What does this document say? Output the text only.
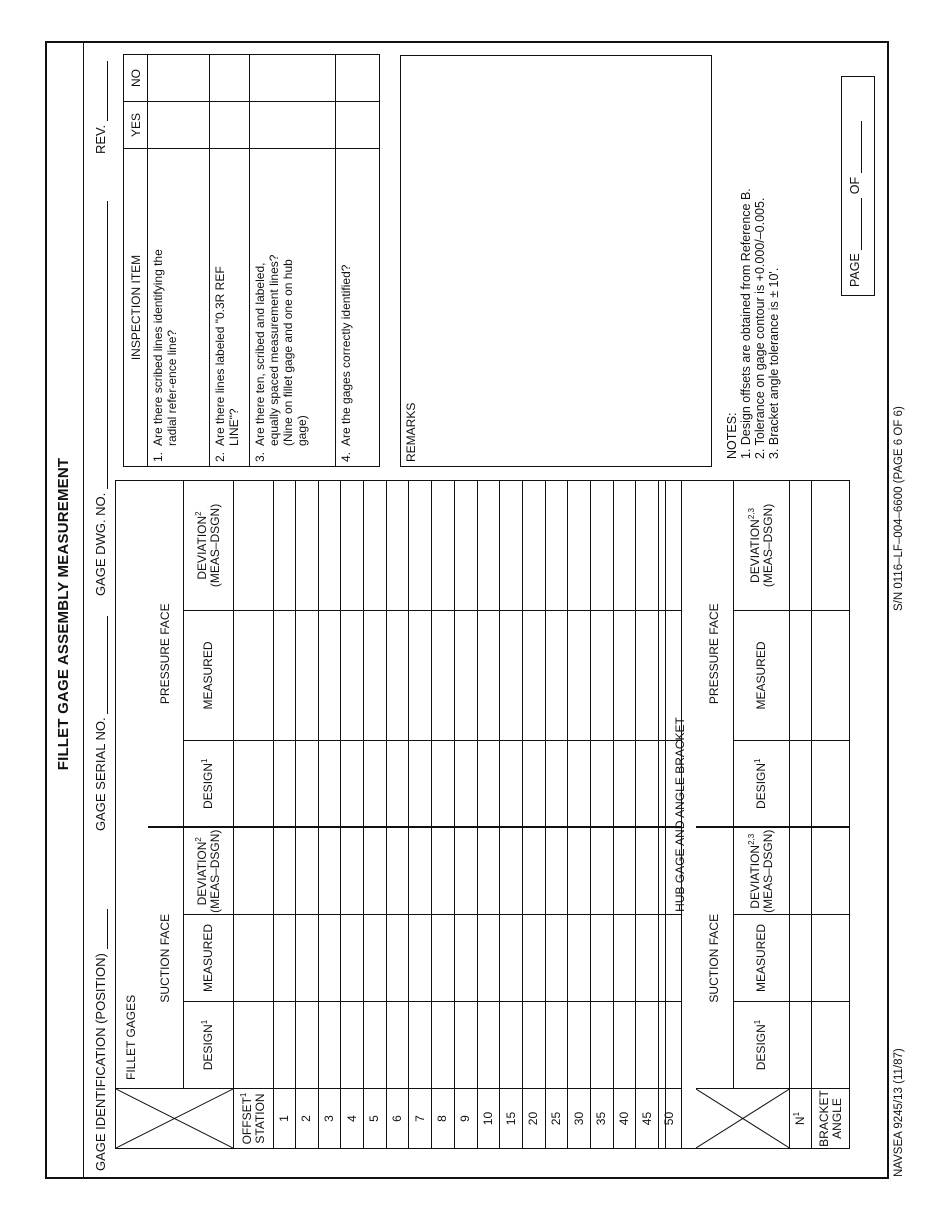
FILLET GAGE ASSEMBLY MEASUREMENT
GAGE IDENTIFICATION (POSITION)
GAGE SERIAL NO.
GAGE DWG. NO.
REV.
	FILLET GAGES					
	SUCTION FACE			PRESSURE FACE		
	DESIGN$^1$	MEASURED	DEVIATION$^2$ (MEAS–DSGN)	DESIGN$^1$	MEASURED	DEVIATION$^2$ (MEAS–DSGN)
OFFSET$^1$ STATION						
1						
2						
3						
4						
5						
6						
7						
8						
9						
10						
15						
20						
25						
30						
35						
40						
45						
50						
HUB GAGE AND ANGLE BRACKET						

	SUCTION FACE			PRESSURE FACE		
	DESIGN$^1$	MEASURED	DEVIATION$^{2,3}$ (MEAS–DSGN)	DESIGN$^1$	MEASURED	DEVIATION$^{2,3}$ (MEAS–DSGN)
$N^1$						
BRACKET
ANGLE						
INSPECTION ITEM	YES	NO
1.Are there scribed lines identifying the radial refer-ence line?		
2.Are there lines labeled "0.3R REF LINE"?		
3.Are there ten, scribed and labeled, equally spaced measurement lines? (Nine on fillet gage and one on hub gage)		
4.Are the gages correctly identified?			REMARKS	NOTES: 1. Design offsets are obtained from Reference B. 2. Tolerance on gage contour is +0.000/–0.005. 3. Bracket angle tolerance is ± 10'.	PAGE  OF
NAVSEA 9245/13 (11/87)
S/N 0116–LF–004–6600 (PAGE 6 OF 6)
